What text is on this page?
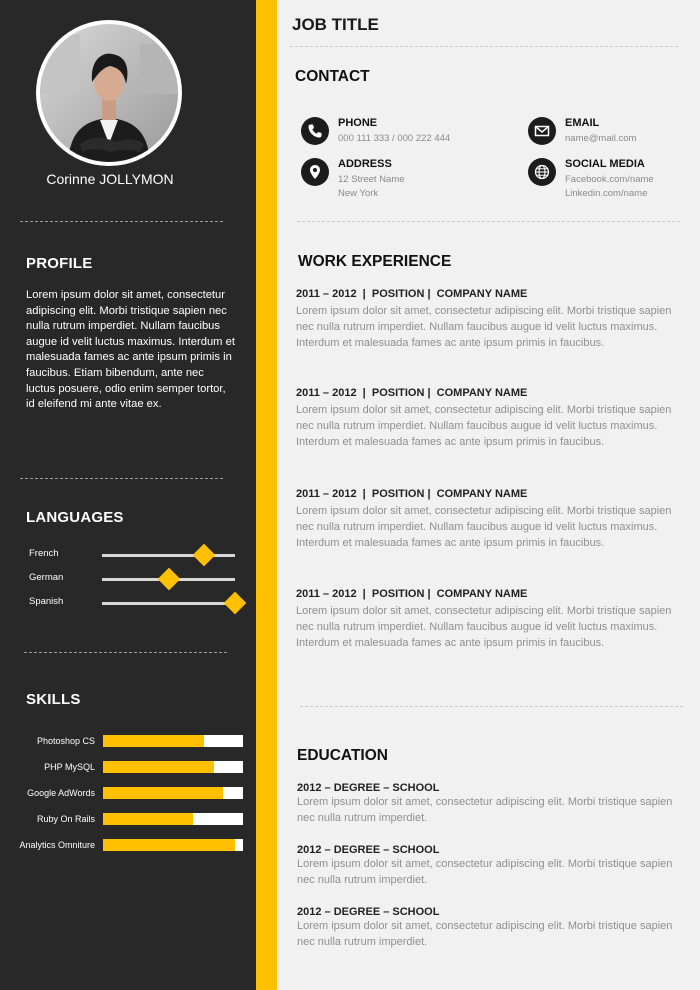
Corinne JOLLYMON
PROFILE
Lorem ipsum dolor sit amet, consectetur adipiscing elit. Morbi tristique sapien nec nulla rutrum imperdiet. Nullam faucibus augue id velit luctus maximus. Interdum et malesuada fames ac ante ipsum primis in faucibus. Etiam bibendum, ante nec luctus posuere, odio enim semper tortor, id eleifend mi ante vitae ex.
LANGUAGES
French
German
Spanish
SKILLS
Photoshop CS
PHP MySQL
Google AdWords
Ruby On Rails
Analytics Omniture
JOB TITLE
CONTACT
PHONE
000 111 333 / 000 222 444
EMAIL
name@mail.com
ADDRESS
12 Street Name
New York
SOCIAL MEDIA
Facebook.com/name
Linkedin.com/name
WORK EXPERIENCE
2011 – 2012  |  POSITION |  COMPANY NAME
Lorem ipsum dolor sit amet, consectetur adipiscing elit. Morbi tristique sapien nec nulla rutrum imperdiet. Nullam faucibus augue id velit luctus maximus. Interdum et malesuada fames ac ante ipsum primis in faucibus.
2011 – 2012  |  POSITION |  COMPANY NAME
Lorem ipsum dolor sit amet, consectetur adipiscing elit. Morbi tristique sapien nec nulla rutrum imperdiet. Nullam faucibus augue id velit luctus maximus. Interdum et malesuada fames ac ante ipsum primis in faucibus.
2011 – 2012  |  POSITION |  COMPANY NAME
Lorem ipsum dolor sit amet, consectetur adipiscing elit. Morbi tristique sapien nec nulla rutrum imperdiet. Nullam faucibus augue id velit luctus maximus. Interdum et malesuada fames ac ante ipsum primis in faucibus.
2011 – 2012  |  POSITION |  COMPANY NAME
Lorem ipsum dolor sit amet, consectetur adipiscing elit. Morbi tristique sapien nec nulla rutrum imperdiet. Nullam faucibus augue id velit luctus maximus. Interdum et malesuada fames ac ante ipsum primis in faucibus.
EDUCATION
2012 – DEGREE – SCHOOL
Lorem ipsum dolor sit amet, consectetur adipiscing elit. Morbi tristique sapien nec nulla rutrum imperdiet.
2012 – DEGREE – SCHOOL
Lorem ipsum dolor sit amet, consectetur adipiscing elit. Morbi tristique sapien nec nulla rutrum imperdiet.
2012 – DEGREE – SCHOOL
Lorem ipsum dolor sit amet, consectetur adipiscing elit. Morbi tristique sapien nec nulla rutrum imperdiet.
